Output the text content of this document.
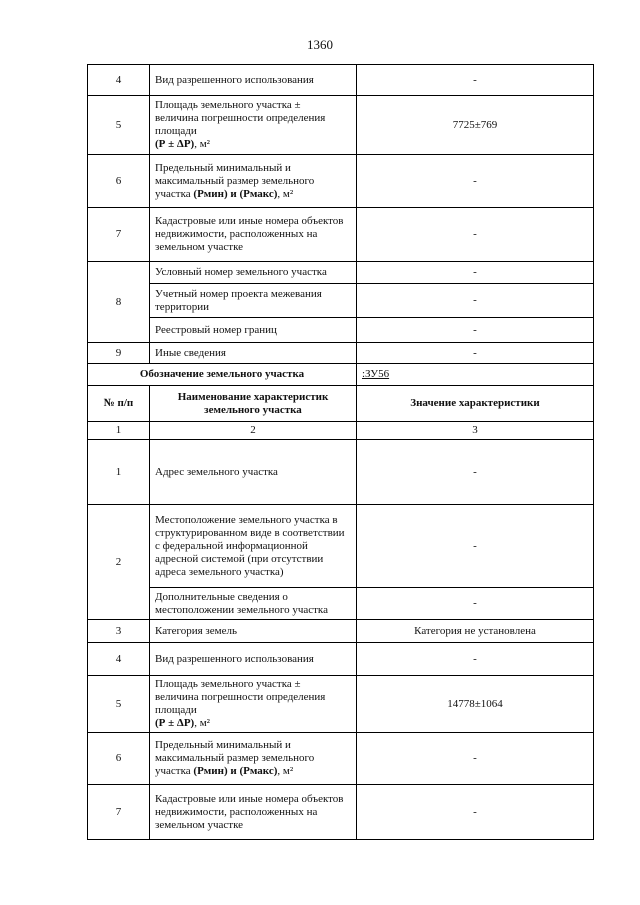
1360
4	Вид разрешенного использования	-
5	Площадь земельного участка ±
величина погрешности определения
площади
(Р ± ΔР), м²	7725±769
6	Предельный минимальный и
максимальный размер земельного
участка (Рмин) и (Рмакс), м²	-
7	Кадастровые или иные номера объектов недвижимости, расположенных на земельном участке	-
8	Условный номер земельного участка	-
	Учетный номер проекта межевания территории	-
	Реестровый номер границ	-
9	Иные сведения	-
Обозначение земельного участка		:ЗУ56
№ п/п	Наименование характеристик земельного участка	Значение характеристики
1	2	3
1	Адрес земельного участка	-
2	Местоположение земельного участка в структурированном виде в соответствии с федеральной информационной адресной системой (при отсутствии адреса земельного участка)	-
	Дополнительные сведения о местоположении земельного участка	-
3	Категория земель	Категория не установлена
4	Вид разрешенного использования	-
5	Площадь земельного участка ±
величина погрешности определения
площади
(Р ± ΔР), м²	14778±1064
6	Предельный минимальный и
максимальный размер земельного
участка (Рмин) и (Рмакс), м²	-
7	Кадастровые или иные номера объектов недвижимости, расположенных на земельном участке	-
